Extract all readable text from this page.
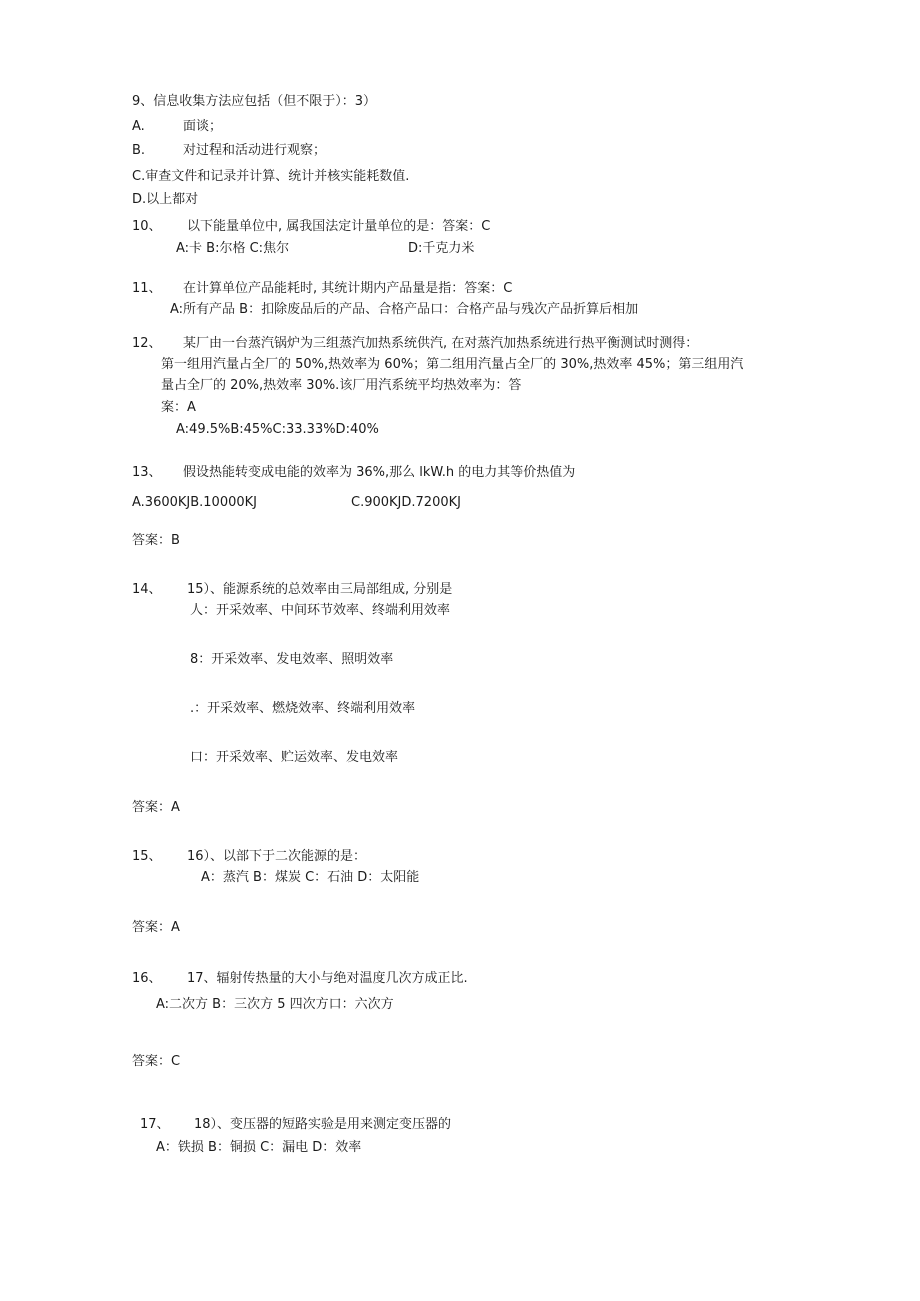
9、信息收集方法应包括（但不限于）：3）
A.	面谈；
B.	对过程和活动进行观察；
C.审查文件和记录并计算、统计并核实能耗数值.
D.以上都对
10、 以下能量单位中, 属我国法定计量单位的是：答案：C
A:卡 B:尔格 C:焦尔	D:千克力米
11、 在计算单位产品能耗时, 其统计期内产品量是指：答案：C
A:所有产品 B：扣除废品后的产品、合格产品口：合格产品与残次产品折算后相加
12、 某厂由一台蒸汽锅炉为三组蒸汽加热系统供汽, 在对蒸汽加热系统进行热平衡测试时测得：
第一组用汽量占全厂的 50%,热效率为 60%；第二组用汽量占全厂的 30%,热效率 45%；第三组用汽
量占全厂的 20%,热效率 30%.该厂用汽系统平均热效率为：答
案：A
A:49.5%B:45%C:33.33%D:40%
13、 假设热能转变成电能的效率为 36%,那么 lkW.h 的电力其等价热值为
A.3600KJB.10000KJ	C.900KJD.7200KJ
答案：B
14、 15）、能源系统的总效率由三局部组成, 分别是
人：开采效率、中间环节效率、终端利用效率
8：开采效率、发电效率、照明效率
.：开采效率、燃烧效率、终端利用效率
口：开采效率、贮运效率、发电效率
答案：A
15、 16）、以部下于二次能源的是：
A：蒸汽 B：煤炭 C：石油 D：太阳能
答案：A
16、 17、辐射传热量的大小与绝对温度几次方成正比.
A:二次方 B：三次方 5 四次方口：六次方
答案：C
17、 18）、变压器的短路实验是用来测定变压器的
A：铁损 B：铜损 C：漏电 D：效率
